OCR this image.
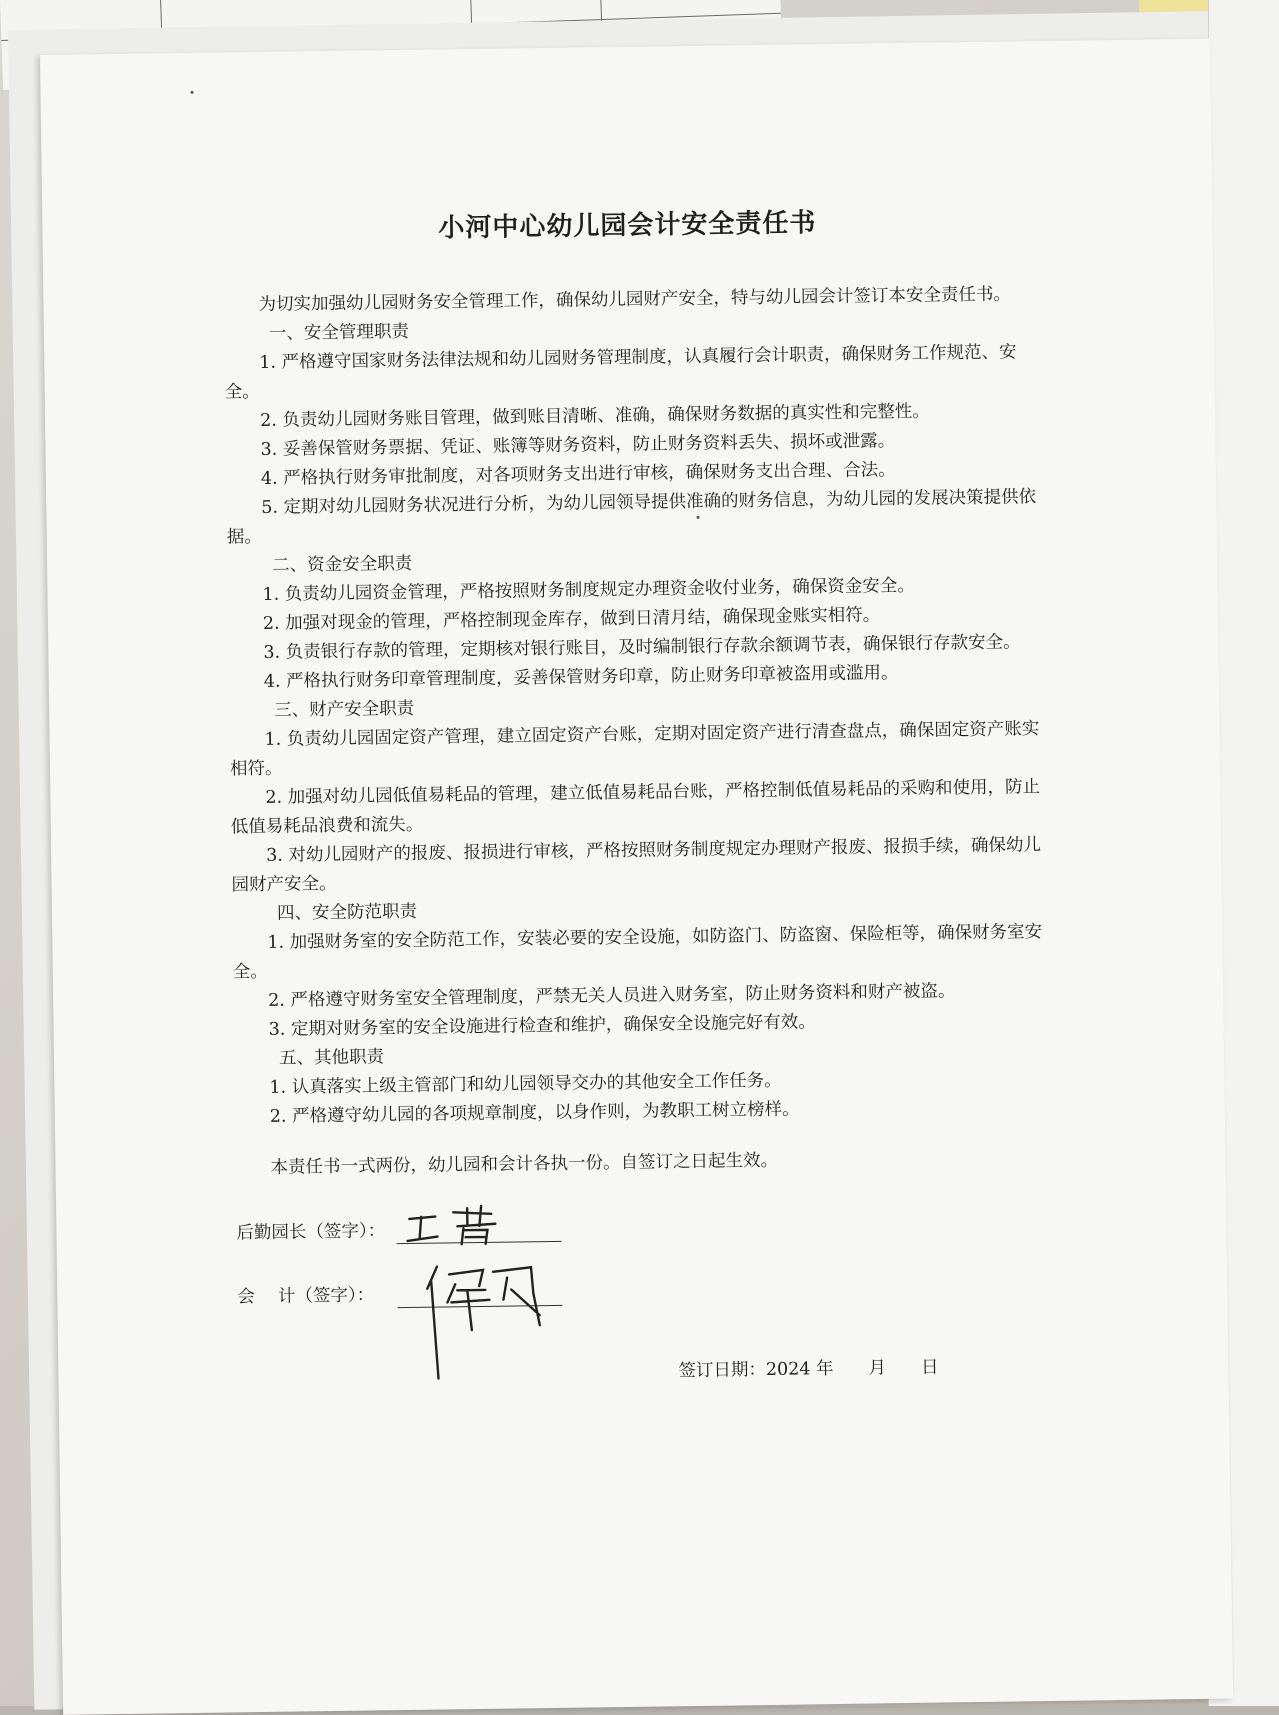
小河中心幼儿园会计安全责任书

为切实加强幼儿园财务安全管理工作，确保幼儿园财产安全，特与幼儿园会计签订本安全责任书。

一、安全管理职责

1. 严格遵守国家财务法律法规和幼儿园财务管理制度，认真履行会计职责，确保财务工作规范、安全。

2. 负责幼儿园财务账目管理，做到账目清晰、准确，确保财务数据的真实性和完整性。

3. 妥善保管财务票据、凭证、账簿等财务资料，防止财务资料丢失、损坏或泄露。

4. 严格执行财务审批制度，对各项财务支出进行审核，确保财务支出合理、合法。

5. 定期对幼儿园财务状况进行分析，为幼儿园领导提供准确的财务信息，为幼儿园的发展决策提供依据。

二、资金安全职责

1. 负责幼儿园资金管理，严格按照财务制度规定办理资金收付业务，确保资金安全。

2. 加强对现金的管理，严格控制现金库存，做到日清月结，确保现金账实相符。

3. 负责银行存款的管理，定期核对银行账目，及时编制银行存款余额调节表，确保银行存款安全。

4. 严格执行财务印章管理制度，妥善保管财务印章，防止财务印章被盗用或滥用。

三、财产安全职责

1. 负责幼儿园固定资产管理，建立固定资产台账，定期对固定资产进行清查盘点，确保固定资产账实相符。

2. 加强对幼儿园低值易耗品的管理，建立低值易耗品台账，严格控制低值易耗品的采购和使用，防止低值易耗品浪费和流失。

3. 对幼儿园财产的报废、报损进行审核，严格按照财务制度规定办理财产报废、报损手续，确保幼儿园财产安全。

四、安全防范职责

1. 加强财务室的安全防范工作，安装必要的安全设施，如防盗门、防盗窗、保险柜等，确保财务室安全。

2. 严格遵守财务室安全管理制度，严禁无关人员进入财务室，防止财务资料和财产被盗。

3. 定期对财务室的安全设施进行检查和维护，确保安全设施完好有效。

五、其他职责

1. 认真落实上级主管部门和幼儿园领导交办的其他安全工作任务。

2. 严格遵守幼儿园的各项规章制度，以身作则，为教职工树立榜样。

本责任书一式两份，幼儿园和会计各执一份。自签订之日起生效。

后勤园长（签字）：
会　 计（签字）：
签订日期：2024 年　　月　　日
